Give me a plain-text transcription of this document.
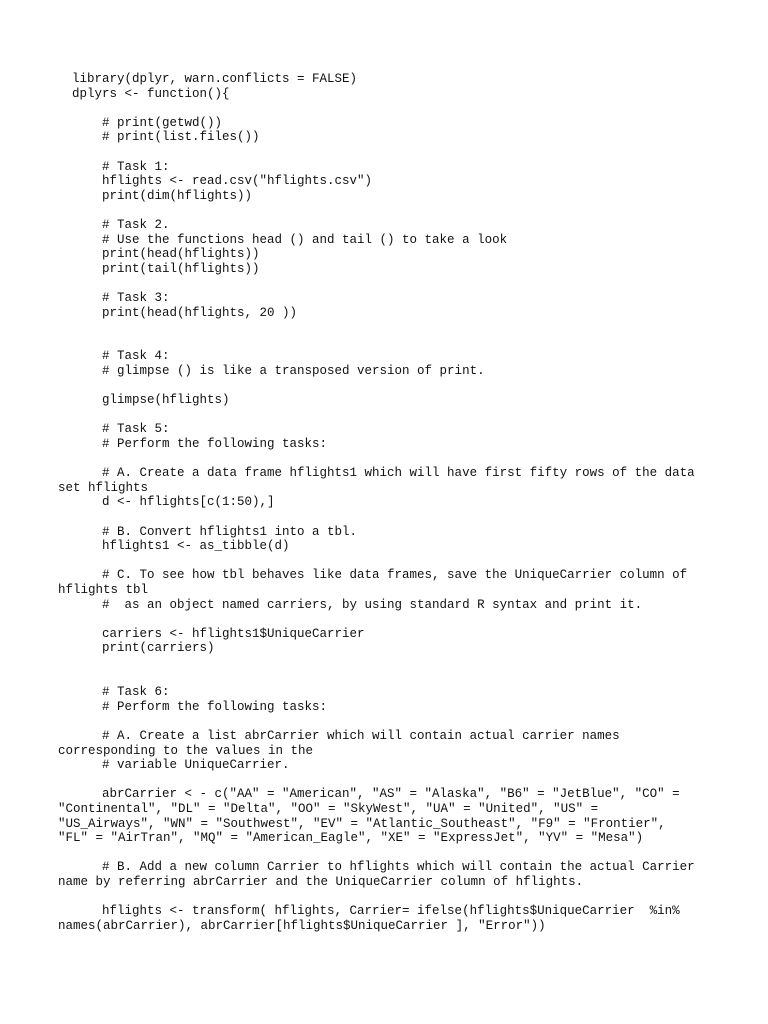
library(dplyr, warn.conflicts = FALSE)
dplyrs <- function(){
# print(getwd())
# print(list.files())
# Task 1:
hflights <- read.csv("hflights.csv")
print(dim(hflights))
# Task 2.
# Use the functions head () and tail () to take a look
print(head(hflights))
print(tail(hflights))
# Task 3:
print(head(hflights, 20 ))
# Task 4:
# glimpse () is like a transposed version of print.
glimpse(hflights)
# Task 5:
# Perform the following tasks:
# A. Create a data frame hflights1 which will have first fifty rows of the data
set hflights
d <- hflights[c(1:50),]
# B. Convert hflights1 into a tbl.
hflights1 <- as_tibble(d)
# C. To see how tbl behaves like data frames, save the UniqueCarrier column of
hflights tbl
#  as an object named carriers, by using standard R syntax and print it.
carriers <- hflights1$UniqueCarrier
print(carriers)
# Task 6:
# Perform the following tasks:
# A. Create a list abrCarrier which will contain actual carrier names
corresponding to the values in the
# variable UniqueCarrier.
abrCarrier < - c("AA" = "American", "AS" = "Alaska", "B6" = "JetBlue", "CO" =
"Continental", "DL" = "Delta", "OO" = "SkyWest", "UA" = "United", "US" =
"US_Airways", "WN" = "Southwest", "EV" = "Atlantic_Southeast", "F9" = "Frontier",
"FL" = "AirTran", "MQ" = "American_Eagle", "XE" = "ExpressJet", "YV" = "Mesa")
# B. Add a new column Carrier to hflights which will contain the actual Carrier
name by referring abrCarrier and the UniqueCarrier column of hflights.
hflights <- transform( hflights, Carrier= ifelse(hflights$UniqueCarrier  %in%
names(abrCarrier), abrCarrier[hflights$UniqueCarrier ], "Error"))
